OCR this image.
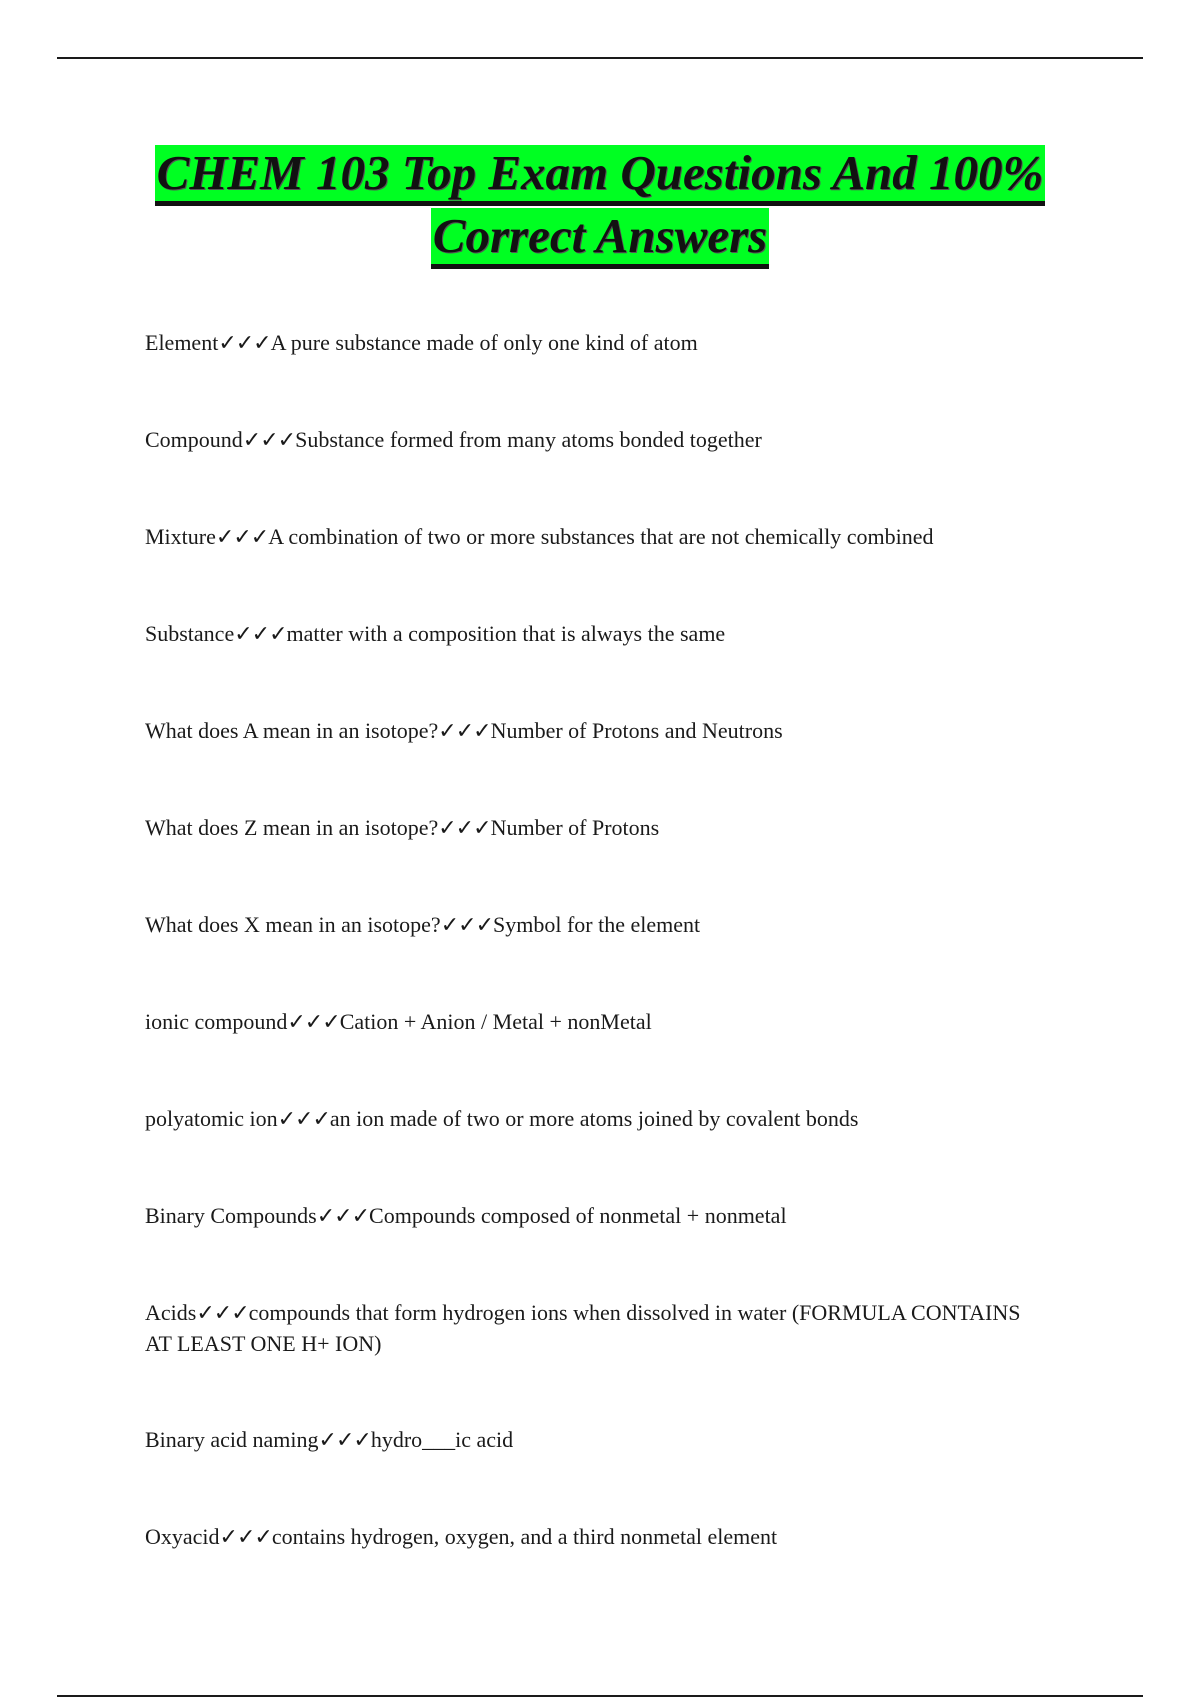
CHEM 103 Top Exam Questions And 100%
Correct Answers
Element✓✓✓A pure substance made of only one kind of atom
Compound✓✓✓Substance formed from many atoms bonded together
Mixture✓✓✓A combination of two or more substances that are not chemically combined
Substance✓✓✓matter with a composition that is always the same
What does A mean in an isotope?✓✓✓Number of Protons and Neutrons
What does Z mean in an isotope?✓✓✓Number of Protons
What does X mean in an isotope?✓✓✓Symbol for the element
ionic compound✓✓✓Cation + Anion / Metal + nonMetal
polyatomic ion✓✓✓an ion made of two or more atoms joined by covalent bonds
Binary Compounds✓✓✓Compounds composed of nonmetal + nonmetal
Acids✓✓✓compounds that form hydrogen ions when dissolved in water (FORMULA CONTAINS AT LEAST ONE H+ ION)
Binary acid naming✓✓✓hydro___ic acid
Oxyacid✓✓✓contains hydrogen, oxygen, and a third nonmetal element
